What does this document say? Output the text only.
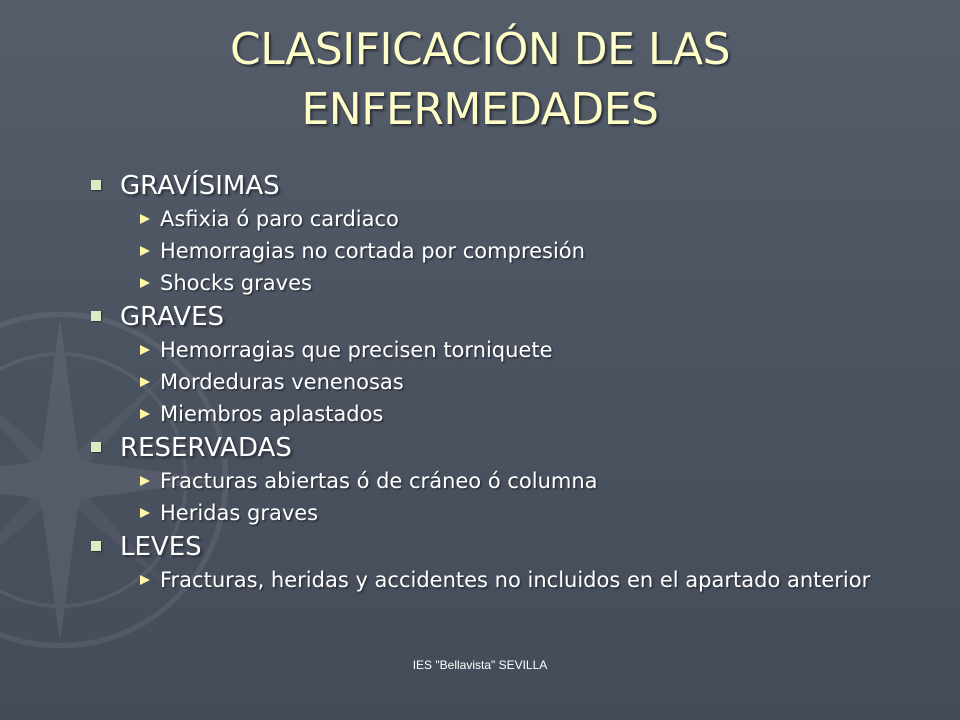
CLASIFICACIÓN DE LAS
ENFERMEDADES
GRAVÍSIMAS
Asfixia ó paro cardiaco
Hemorragias no cortada por compresión
Shocks graves
GRAVES
Hemorragias que precisen torniquete
Mordeduras venenosas
Miembros aplastados
RESERVADAS
Fracturas abiertas ó de cráneo ó columna
Heridas graves
LEVES
Fracturas, heridas y accidentes no incluidos en el apartado anterior
IES "Bellavista" SEVILLA
